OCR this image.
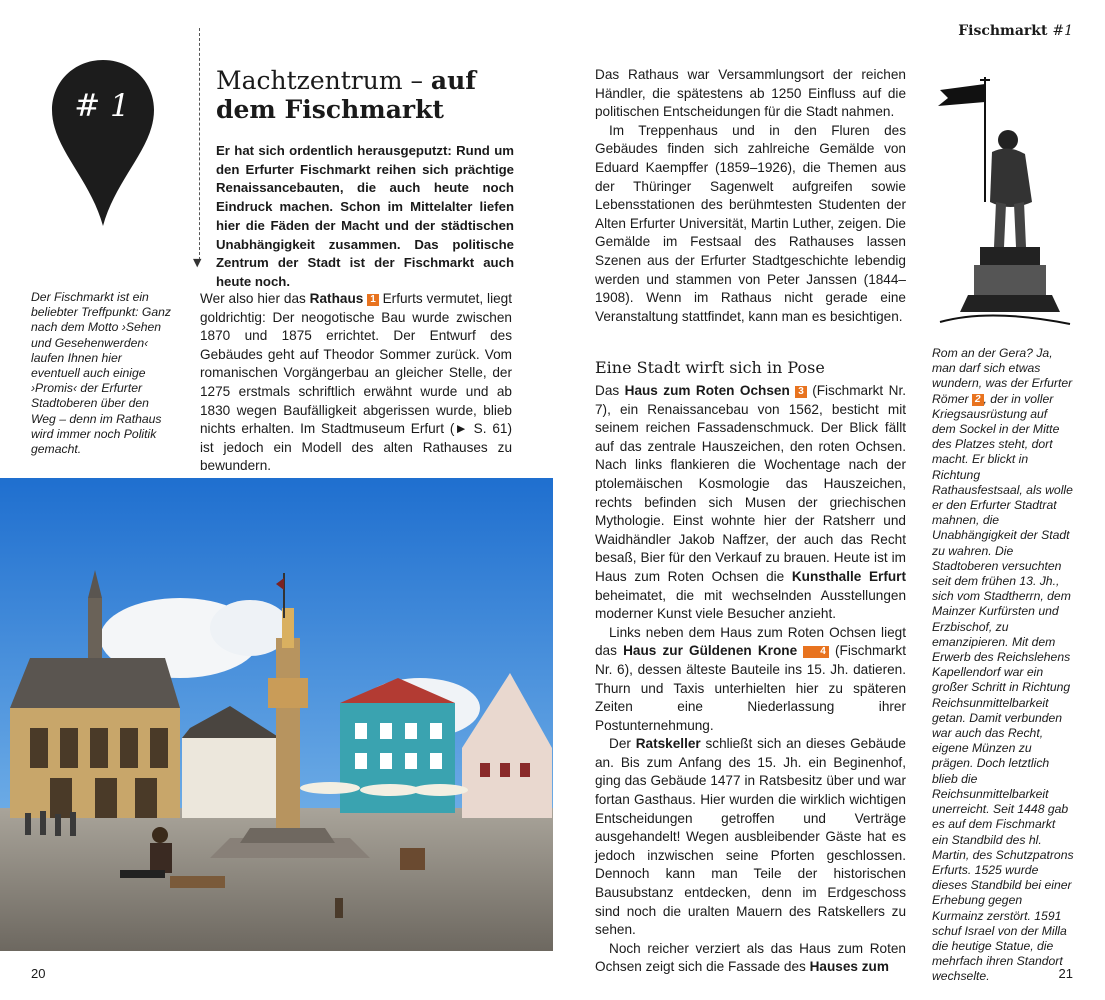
Fischmarkt #1
# 1
▼
Machtzentrum – auf dem Fischmarkt
Er hat sich ordentlich herausgeputzt: Rund um den Erfurter Fischmarkt reihen sich prächtige Renaissancebauten, die auch heute noch Eindruck machen. Schon im Mittelalter liefen hier die Fäden der Macht und der städtischen Unabhängigkeit zusammen. Das politische Zentrum der Stadt ist der Fischmarkt auch heute noch.
Der Fischmarkt ist ein beliebter Treffpunkt: Ganz nach dem Motto ›Sehen und Gesehenwerden‹ laufen Ihnen hier eventuell auch einige ›Promis‹ der Erfurter Stadtoberen über den Weg – denn im Rathaus wird immer noch Politik gemacht.

Wer also hier das Rathaus 1 Erfurts vermutet, liegt goldrichtig: Der neogotische Bau wurde zwischen 1870 und 1875 errichtet. Der Entwurf des Gebäudes geht auf Theodor Sommer zurück. Vom romanischen Vorgängerbau an gleicher Stelle, der 1275 erstmals schriftlich erwähnt wurde und ab 1830 wegen Baufälligkeit abgerissen wurde, blieb nichts erhalten. Im Stadtmuseum Erfurt (► S. 61) ist jedoch ein Modell des alten Rathauses zu bewundern.

Das Rathaus war Versammlungsort der reichen Händler, die spätestens ab 1250 Einfluss auf die politischen Entscheidungen für die Stadt nahmen.

Im Treppenhaus und in den Fluren des Gebäudes finden sich zahlreiche Gemälde von Eduard Kaempffer (1859–1926), die Themen aus der Thüringer Sagenwelt aufgreifen sowie Lebensstationen des berühmtesten Studenten der Alten Erfurter Universität, Martin Luther, zeigen. Die Gemälde im Festsaal des Rathauses lassen Szenen aus der Erfurter Stadtgeschichte lebendig werden und stammen von Peter Janssen (1844–1908). Wenn im Rathaus nicht gerade eine Veranstaltung stattfindet, kann man es besichtigen.

Eine Stadt wirft sich in Pose

Das Haus zum Roten Ochsen 3 (Fischmarkt Nr. 7), ein Renaissancebau von 1562, besticht mit seinem reichen Fassadenschmuck. Der Blick fällt auf das zentrale Hauszeichen, den roten Ochsen. Nach links flankieren die Wochentage nach der ptolemäischen Kosmologie das Hauszeichen, rechts befinden sich Musen der griechischen Mythologie. Einst wohnte hier der Ratsherr und Waidhändler Jakob Naffzer, der auch das Recht besaß, Bier für den Verkauf zu brauen. Heute ist im Haus zum Roten Ochsen die Kunsthalle Erfurt beheimatet, die mit wechselnden Ausstellungen moderner Kunst viele Besucher anzieht.

Links neben dem Haus zum Roten Ochsen liegt das Haus zur Güldenen Krone 4 (Fischmarkt Nr. 6), dessen älteste Bauteile ins 15. Jh. datieren. Thurn und Taxis unterhielten hier zu späteren Zeiten eine Niederlassung ihrer Postunternehmung.

Der Ratskeller schließt sich an dieses Gebäude an. Bis zum Anfang des 15. Jh. ein Beginenhof, ging das Gebäude 1477 in Ratsbesitz über und war fortan Gasthaus. Hier wurden die wirklich wichtigen Entscheidungen getroffen und Verträge ausgehandelt! Wegen ausbleibender Gäste hat es jedoch inzwischen seine Pforten geschlossen. Dennoch kann man Teile der historischen Bausubstanz entdecken, denn im Erdgeschoss sind noch die uralten Mauern des Ratskellers zu sehen.

Noch reicher verziert als das Haus zum Roten Ochsen zeigt sich die Fassade des Hauses zum

Rom an der Gera? Ja, man darf sich etwas wundern, was der Erfurter Römer 2 , der in voller Kriegsausrüstung auf dem Sockel in der Mitte des Platzes steht, dort macht. Er blickt in Richtung Rathausfestsaal, als wolle er den Erfurter Stadtrat mahnen, die Unabhängigkeit der Stadt zu wahren. Die Stadtoberen versuchten seit dem frühen 13. Jh., sich vom Stadtherrn, dem Mainzer Kurfürsten und Erzbischof, zu emanzipieren. Mit dem Erwerb des Reichslehens Kapellendorf war ein großer Schritt in Richtung Reichsunmittelbarkeit getan. Damit verbunden war auch das Recht, eigene Münzen zu prägen. Doch letztlich blieb die Reichsunmittelbarkeit unerreicht. Seit 1448 gab es auf dem Fischmarkt ein Standbild des hl. Martin, des Schutzpatrons Erfurts. 1525 wurde dieses Standbild bei einer Erhebung gegen Kurmainz zerstört. 1591 schuf Israel von der Milla die heutige Statue, die mehrfach ihren Standort wechselte.
20	21
